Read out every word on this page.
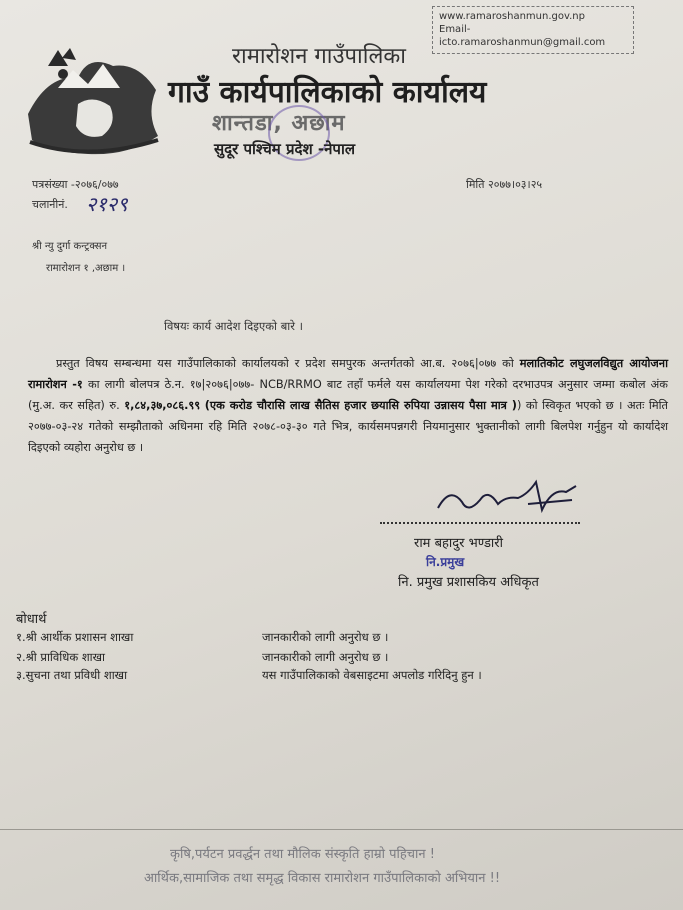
www.ramaroshanmun.gov.np
Email-
icto.ramaroshanmun@gmail.com
रामारोशन गाउँपालिका
गाउँ कार्यपालिकाको कार्यालय
शान्तडा, अछाम
सुदूर पश्चिम प्रदेश -नेपाल
पत्रसंख्या -२०७६/०७७
चलानीनं. २१२९
मिति २०७७।०३।२५
श्री न्यु दुर्गा कन्ट्रक्सन
रामारोशन १ ,अछाम ।
विषयः कार्य आदेश दिइएको बारे ।
प्रस्तुत विषय सम्बन्धमा यस गाउँपालिकाको कार्यालयको र प्रदेश समपुरक अन्तर्गतको आ.ब. २०७६|०७७ को मलातिकोट लघुजलविद्युत आयोजना रामारोशन -१ का लागी बोलपत्र ठे.न. १७|२०७६|०७७- NCB/RRMO बाट तहाँ फर्मले यस कार्यालयमा पेश गरेको दरभाउपत्र अनुसार जम्मा कबोल अंक (मु.अ. कर सहित) रु. १,८४,३७,०८६.९९ (एक करोड चौरासि लाख सैतिस हजार छयासि रुपिया उन्नासय पैसा मात्र )) को स्विकृत भएको छ । अतः मिति २०७७-०३-२४ गतेको सम्झौताको अधिनमा रहि मिति २०७८-०३-३० गते भित्र, कार्यसमपन्नगरी नियमानुसार भुक्तानीको लागी बिलपेश गर्नुहुन यो कार्यादेश दिइएको व्यहोरा अनुरोध छ ।
राम बहादुर भण्डारी
नि.प्रमुख
नि. प्रमुख प्रशासकिय अधिकृत
बोधार्थ
१.श्री आर्थीक प्रशासन शाखा	जानकारीको लागी अनुरोध छ ।
२.श्री प्राविधिक शाखा	जानकारीको लागी अनुरोध छ ।
३.सुचना तथा प्रविधी शाखा	यस गाउँपालिकाको वेबसाइटमा अपलोड गरिदिनु हुन ।
कृषि,पर्यटन प्रवर्द्धन तथा मौलिक संस्कृति हाम्रो पहिचान !
आर्थिक,सामाजिक तथा समृद्ध विकास रामारोशन गाउँपालिकाको अभियान !!
